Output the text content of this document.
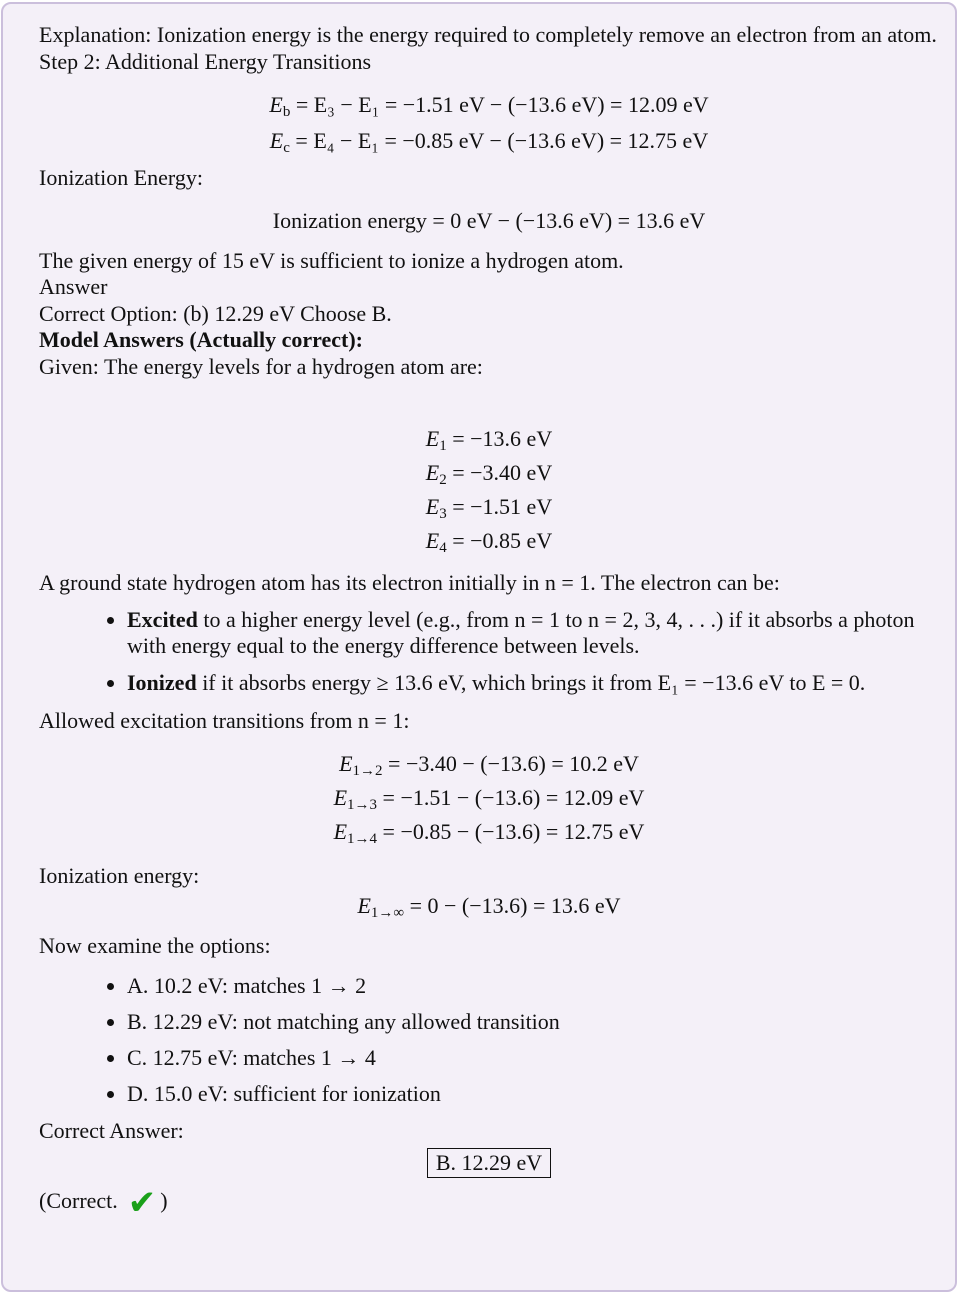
Explanation: Ionization energy is the energy required to completely remove an electron from an atom.

Step 2: Additional Energy Transitions

$E_b = E_3 - E_1 = -1.51$ eV − (−13.6 eV) = 12.09 eV
$E_c = E_4 - E_1 = -0.85$ eV − (−13.6 eV) = 12.75 eV

Ionization Energy:

Ionization energy = 0 eV − (−13.6 eV) = 13.6 eV

The given energy of 15 eV is sufficient to ionize a hydrogen atom.

Answer

Correct Option: (b) 12.29 eV Choose B.

Model Answers (Actually correct):

Given: The energy levels for a hydrogen atom are:

$E_1 = -13.6$ eV
$E_2 = -3.40$ eV
$E_3 = -1.51$ eV
$E_4 = -0.85$ eV

A ground state hydrogen atom has its electron initially in n = 1. The electron can be:

• Excited to a higher energy level (e.g., from n = 1 to n = 2, 3, 4, . . .) if it absorbs a photon with energy equal to the energy difference between levels.
• Ionized if it absorbs energy ≥ 13.6 eV, which brings it from E₁ = −13.6 eV to E = 0.

Allowed excitation transitions from n = 1:

$E_{1\to 2} = -3.40 - (-13.6) = 10.2$ eV
$E_{1\to 3} = -1.51 - (-13.6) = 12.09$ eV
$E_{1\to 4} = -0.85 - (-13.6) = 12.75$ eV

Ionization energy:

$E_{1\to\infty} = 0 - (-13.6) = 13.6$ eV

Now examine the options:

• A. 10.2 eV: matches 1 → 2
• B. 12.29 eV: not matching any allowed transition
• C. 12.75 eV: matches 1 → 4
• D. 15.0 eV: sufficient for ionization

Correct Answer:

B. 12.29 eV

(Correct. ✔ )
